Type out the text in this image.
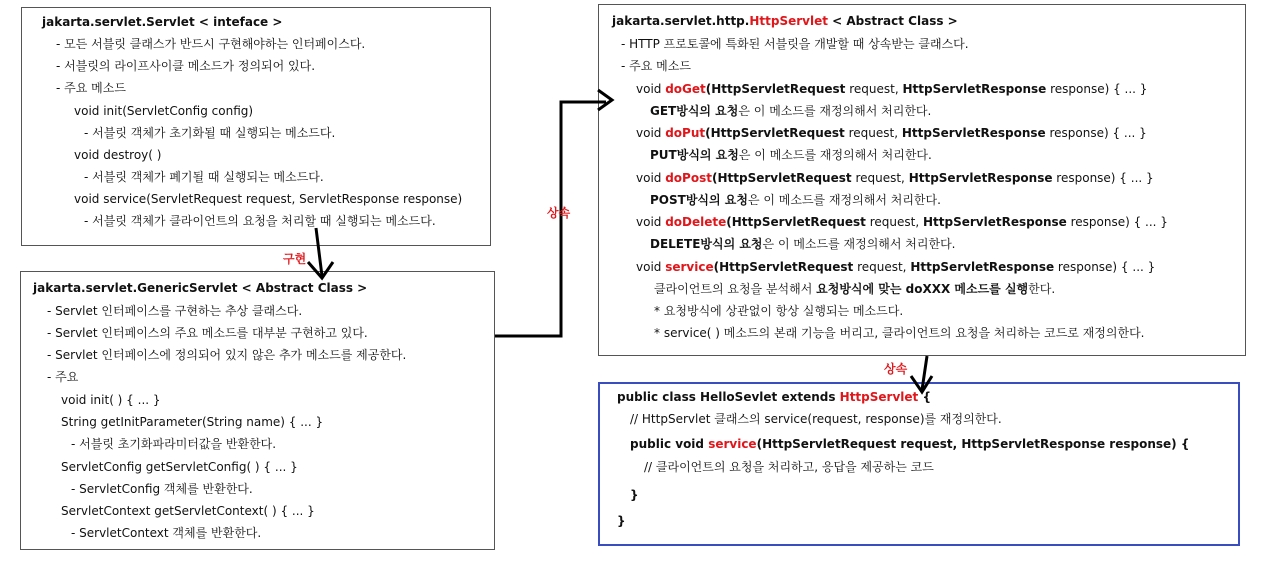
jakarta.servlet.Servlet < inteface >
- 모든 서블릿 클래스가 반드시 구현해야하는 인터페이스다.
- 서블릿의 라이프사이클 메소드가 정의되어 있다.
- 주요 메소드
void init(ServletConfig config)
- 서블릿 객체가 초기화될 때 실행되는 메소드다.
void destroy( )
- 서블릿 객체가 폐기될 때 실행되는 메소드다.
void service(ServletRequest request, ServletResponse response)
- 서블릿 객체가 클라이언트의 요청을 처리할 때 실행되는 메소드다.
jakarta.servlet.GenericServlet < Abstract Class >
- Servlet 인터페이스를 구현하는 추상 클래스다.
- Servlet 인터페이스의 주요 메소드를 대부분 구현하고 있다.
- Servlet 인터페이스에 정의되어 있지 않은 추가 메소드를 제공한다.
- 주요
void init( ) { ... }
String getInitParameter(String name) { ... }
- 서블릿 초기화파라미터값을 반환한다.
ServletConfig getServletConfig( ) { ... }
- ServletConfig 객체를 반환한다.
ServletContext getServletContext( ) { ... }
- ServletContext 객체를 반환한다.
jakarta.servlet.http.HttpServlet < Abstract Class >
- HTTP 프로토콜에 특화된 서블릿을 개발할 때 상속받는 클래스다.
- 주요 메소드
void doGet(HttpServletRequest request, HttpServletResponse response) { ... }
GET방식의 요청은 이 메소드를 재정의해서 처리한다.
void doPut(HttpServletRequest request, HttpServletResponse response) { ... }
PUT방식의 요청은 이 메소드를 재정의해서 처리한다.
void doPost(HttpServletRequest request, HttpServletResponse response) { ... }
POST방식의 요청은 이 메소드를 재정의해서 처리한다.
void doDelete(HttpServletRequest request, HttpServletResponse response) { ... }
DELETE방식의 요청은 이 메소드를 재정의해서 처리한다.
void service(HttpServletRequest request, HttpServletResponse response) { ... }
클라이언트의 요청을 분석해서 요청방식에 맞는 doXXX 메소드를 실행한다.
* 요청방식에 상관없이 항상 실행되는 메소드다.
* service( ) 메소드의 본래 기능을 버리고, 클라이언트의 요청을 처리하는 코드로 재정의한다.
public class HelloSevlet extends HttpServlet {
// HttpServlet 클래스의 service(request, response)를 재정의한다.
public void service(HttpServletRequest request, HttpServletResponse response) {
// 클라이언트의 요청을 처리하고, 응답을 제공하는 코드
}
}
구현
상속
상속
